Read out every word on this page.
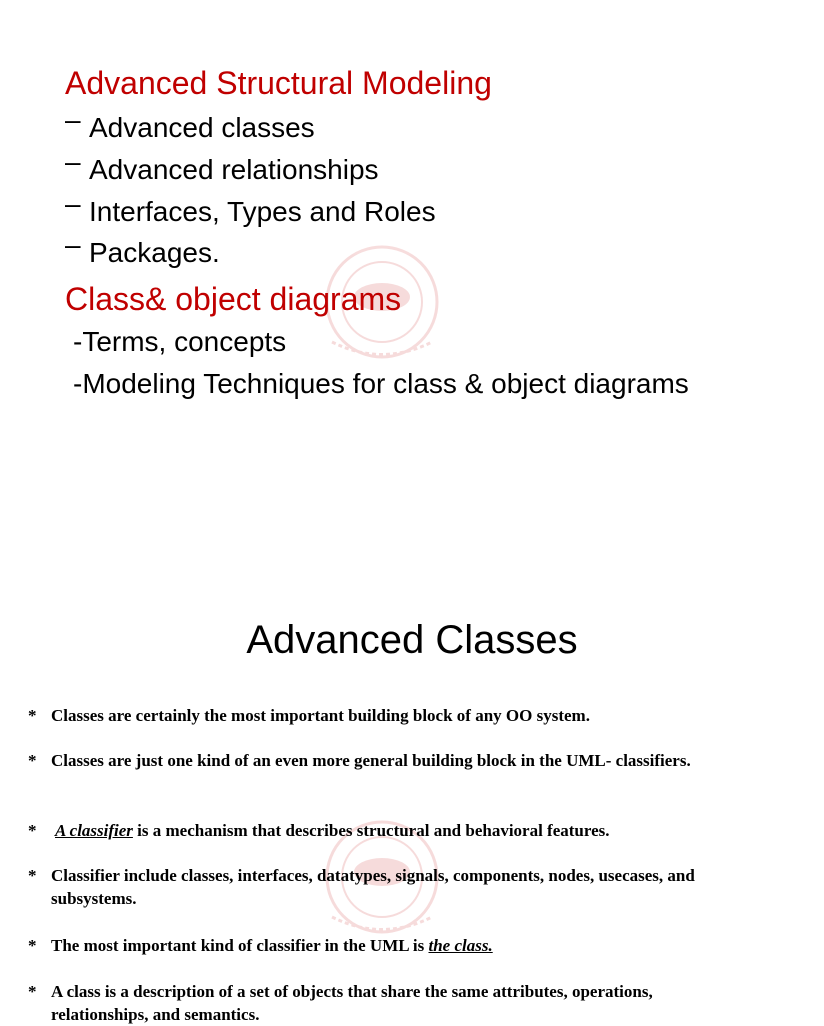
Advanced Structural Modeling
– Advanced classes
– Advanced relationships
– Interfaces, Types and Roles
– Packages.
Class& object diagrams
-Terms, concepts
-Modeling Techniques for class & object diagrams
Advanced Classes
* Classes are certainly the most important building block of any OO system.
* Classes are just one kind of an even more general building block in the UML- classifiers.
*	A classifier is a mechanism that describes structural and behavioral features.
* Classifier include classes, interfaces, datatypes, signals, components, nodes, usecases, and subsystems.
* The most important kind of classifier in the UML is the class.
* A class is a description of a set of objects that share the same attributes, operations, relationships, and semantics.
